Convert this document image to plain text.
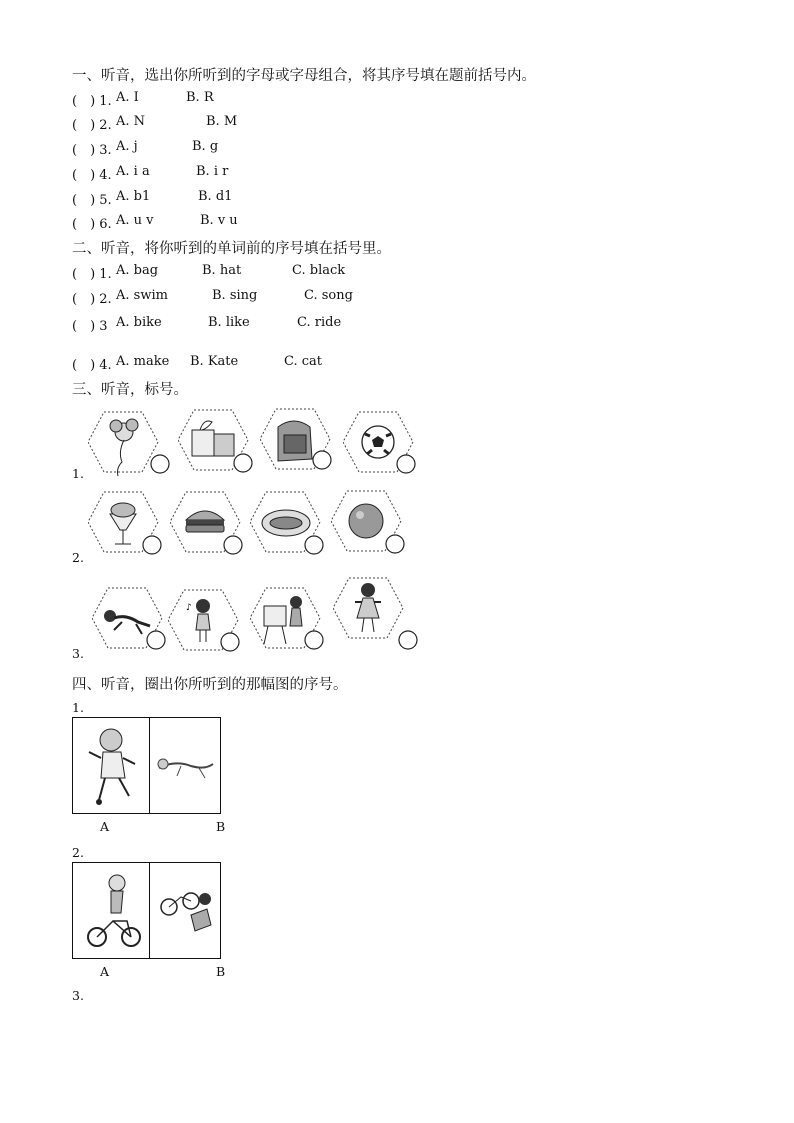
一、听音，选出你所听到的字母或字母组合，将其序号填在题前括号内。
(　) 1. A. I	B. R
(　) 2. A. N	B. M
(　) 3. A. j	B. g
(　) 4. A. i a	B. i r
(　) 5. A. b1	B. d1
(　) 6. A. u v	B. v u
二、听音，将你听到的单词前的序号填在括号里。
(　) 1. A. bag	B. hat	C. black
(　) 2. A. swim	B. sing	C. song
(　) 3 A. bike	B. like	C. ride
(　) 4. A. make B. Kate	C. cat
三、听音，标号。
1.
2.
3.
♪
四、听音，圈出你所听到的那幅图的序号。
1.
A	B
2.
A	B
3.
